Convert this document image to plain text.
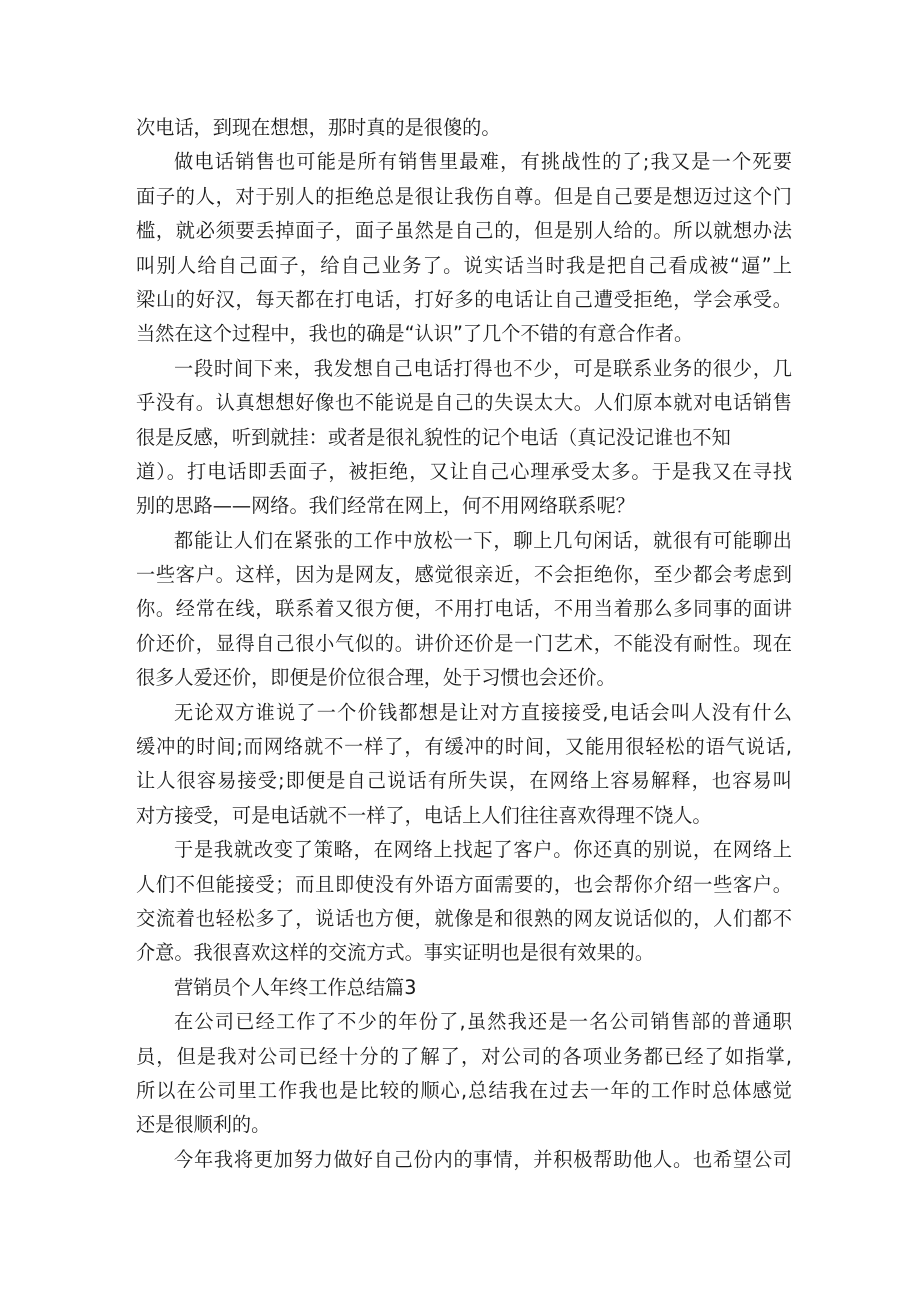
次电话，到现在想想，那时真的是很傻的。
做电话销售也可能是所有销售里最难，有挑战性的了;我又是一个死要
面子的人，对于别人的拒绝总是很让我伤自尊。但是自己要是想迈过这个门
槛，就必须要丢掉面子，面子虽然是自己的，但是别人给的。所以就想办法
叫别人给自己面子，给自己业务了。说实话当时我是把自己看成被“逼”上
梁山的好汉，每天都在打电话，打好多的电话让自己遭受拒绝，学会承受。
当然在这个过程中，我也的确是“认识”了几个不错的有意合作者。
一段时间下来，我发想自己电话打得也不少，可是联系业务的很少，几
乎没有。认真想想好像也不能说是自己的失误太大。人们原本就对电话销售
很是反感，听到就挂：或者是很礼貌性的记个电话（真记没记谁也不知
道）。打电话即丢面子，被拒绝，又让自己心理承受太多。于是我又在寻找
别的思路——网络。我们经常在网上，何不用网络联系呢？
都能让人们在紧张的工作中放松一下，聊上几句闲话，就很有可能聊出
一些客户。这样，因为是网友，感觉很亲近，不会拒绝你，至少都会考虑到
你。经常在线，联系着又很方便，不用打电话，不用当着那么多同事的面讲
价还价，显得自己很小气似的。讲价还价是一门艺术，不能没有耐性。现在
很多人爱还价，即便是价位很合理，处于习惯也会还价。
无论双方谁说了一个价钱都想是让对方直接接受,电话会叫人没有什么
缓冲的时间;而网络就不一样了，有缓冲的时间，又能用很轻松的语气说话,
让人很容易接受;即便是自己说话有所失误，在网络上容易解释，也容易叫
对方接受，可是电话就不一样了，电话上人们往往喜欢得理不饶人。
于是我就改变了策略，在网络上找起了客户。你还真的别说，在网络上
人们不但能接受；而且即使没有外语方面需要的，也会帮你介绍一些客户。
交流着也轻松多了，说话也方便，就像是和很熟的网友说话似的，人们都不
介意。我很喜欢这样的交流方式。事实证明也是很有效果的。
营销员个人年终工作总结篇3
在公司已经工作了不少的年份了,虽然我还是一名公司销售部的普通职
员，但是我对公司已经十分的了解了，对公司的各项业务都已经了如指掌,
所以在公司里工作我也是比较的顺心,总结我在过去一年的工作时总体感觉
还是很顺利的。
今年我将更加努力做好自己份内的事情，并积极帮助他人。也希望公司
